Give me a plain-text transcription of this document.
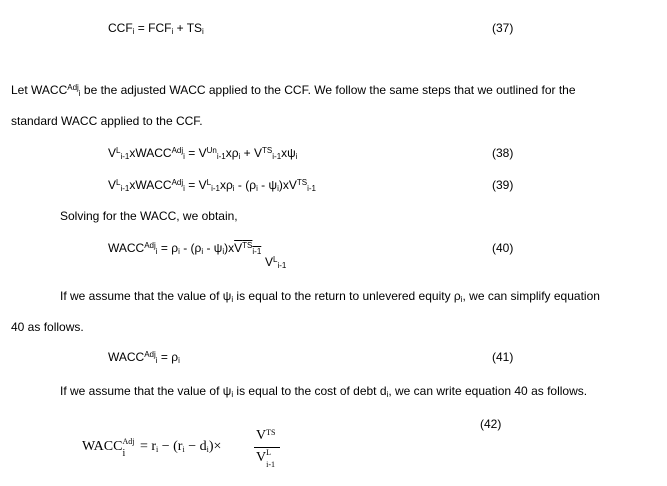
$CCF_i = FCF_i + TS_i$	(37)
Let $WACC^{Adj}_i$ be the adjusted WACC applied to the CCF. We follow the same steps that we outlined for the
standard WACC applied to the CCF.
$V^L_{i-1}xWACC^{Adj}_i = V^{Un}_{i-1}x\rho_i + V^{TS}_{i-1}x\psi_i$	(38)
$V^L_{i-1}xWACC^{Adj}_i = V^L_{i-1}x\rho_i - (\rho_i - \psi_i)xV^{TS}_{i-1}$	(39)
Solving for the WACC, we obtain,
$WACC^{Adj}_i = \rho_i - (\rho_i - \psi_i)xV^{TS}_{i-1}$
$V^L_{i-1}$
(40)
If we assume that the value of $\psi_i$ is equal to the return to unlevered equity $\rho_i$, we can simplify equation
40 as follows.
$WACC^{Adj}_i = \rho_i$	(41)
If we assume that the value of $\psi_i$ is equal to the cost of debt $d_i$, we can write equation 40 as follows.
(42)
WACC Adj
$i = r_i - (r_i - d_i)\times$
$V^{TS}$
V L
i-1
